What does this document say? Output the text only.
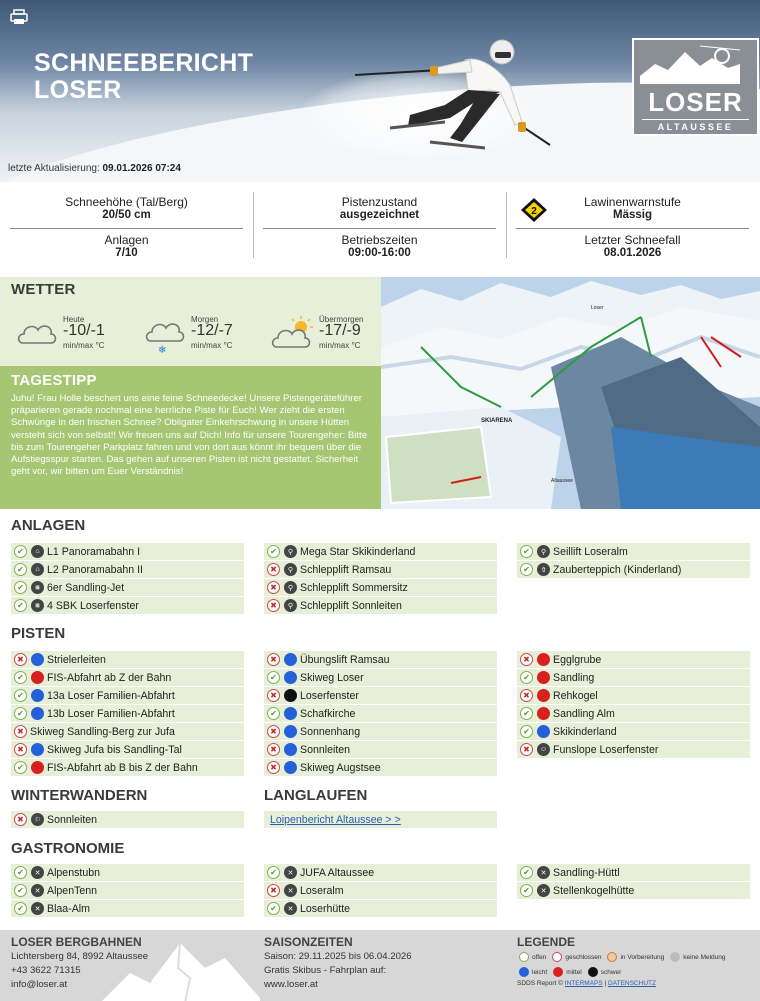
SCHNEEBERICHT
LOSER
letzte Aktualisierung: 09.01.2026 07:24
LOSER
ALTAUSSEE
Schneehöhe (Tal/Berg)
20/50 cm
Pistenzustand
ausgezeichnet
Lawinenwarnstufe
Mässig
Anlagen
7/10
Betriebszeiten
09:00-16:00
Letzter Schneefall
08.01.2026
2
WETTER
Heute
-10/-1
min/max °C	❄
Morgen
-12/-7
min/max °C
Übermorgen
-17/-9
min/max °C
TAGESTIPP

Juhu! Frau Holle beschert uns eine feine Schneedecke! Unsere Pistengeräteführer präparieren gerade nochmal eine herrliche Piste für Euch! Wer zieht die ersten Schwünge in den frischen Schnee? Obligater Einkehrschwung in unsere Hütten versteht sich von selbst!! Wir freuen uns auf Dich! Info für unsere Tourengeher: Bitte bis zum Tourengeher Parkplatz fahren und von dort aus könnt ihr bequem über die Aufstiegsspur starten. Das gehen auf unseren Pisten ist nicht gestattet. Sicherheit geht vor, wir bitten um Euer Verständnis!

SKIARENA
Loser
Altaussee
ANLAGEN
✔	⌂ L1 Panoramabahn I
✔	⌂ L2 Panoramabahn II
✔	⑥ 6er Sandling-Jet
✔	⑥ 4 SBK Loserfenster
✔	⚲ Mega Star Skikinderland
✖	⚲ Schlepplift Ramsau
✖	⚲ Schlepplift Sommersitz
✖	⚲ Schlepplift Sonnleiten
✔	⚲ Seillift Loseralm
✔	⇧ Zauberteppich (Kinderland)
PISTEN
✖ Strielerleiten
✔ FIS-Abfahrt ab Z der Bahn
✔ 13a Loser Familien-Abfahrt
✔ 13b Loser Familien-Abfahrt
✖ Skiweg Sandling-Berg zur Jufa
✖ Skiweg Jufa bis Sandling-Tal
✔ FIS-Abfahrt ab B bis Z der Bahn
✖ Übungslift Ramsau
✔ Skiweg Loser
✖ Loserfenster
✔ Schafkirche
✖ Sonnenhang
✖ Sonnleiten
✖ Skiweg Augstsee
✖ Egglgrube
✔ Sandling
✖ Rehkogel
✔ Sandling Alm
✔ Skikinderland
✖	☺ Funslope Loserfenster
WINTERWANDERN
✖	⚐ Sonnleiten
LANGLAUFEN
Loipenbericht Altaussee > >
GASTRONOMIE
✔	✕ Alpenstubn
✔	✕ AlpenTenn
✔	✕ Blaa-Alm
✔	✕ JUFA Altaussee
✖	✕ Loseralm
✔	✕ Loserhütte
✔	✕ Sandling-Hüttl
✔	✕ Stellenkogelhütte
LOSER BERGBAHNEN
Lichtersberg 84, 8992 Altaussee
+43 3622 71315
info@loser.at
SAISONZEITEN
Saison: 29.11.2025 bis 06.04.2026
Gratis Skibus - Fahrplan auf:
www.loser.at
LEGENDE
offen	geschlossen	in Vorbereitung	keine Meldung
leicht	mittel	schwer
SDDS Report ©
INTERMAPS
|
DATENSCHUTZ
